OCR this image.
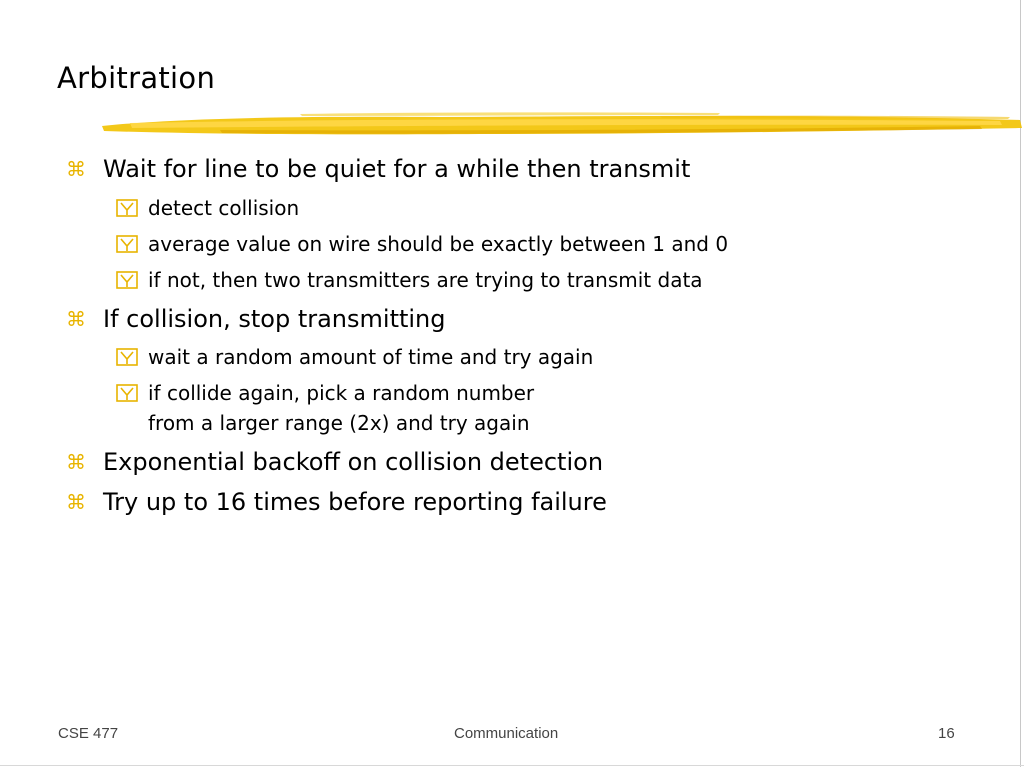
Arbitration
⌘ Wait for line to be quiet for a while then transmit
detect collision
average value on wire should be exactly between 1 and 0
if not, then two transmitters are trying to transmit data
⌘ If collision, stop transmitting
wait a random amount of time and try again
if collide again, pick a random number
from a larger range (2x) and try again
⌘ Exponential backoff on collision detection
⌘ Try up to 16 times before reporting failure
CSE 477	Communication	16
